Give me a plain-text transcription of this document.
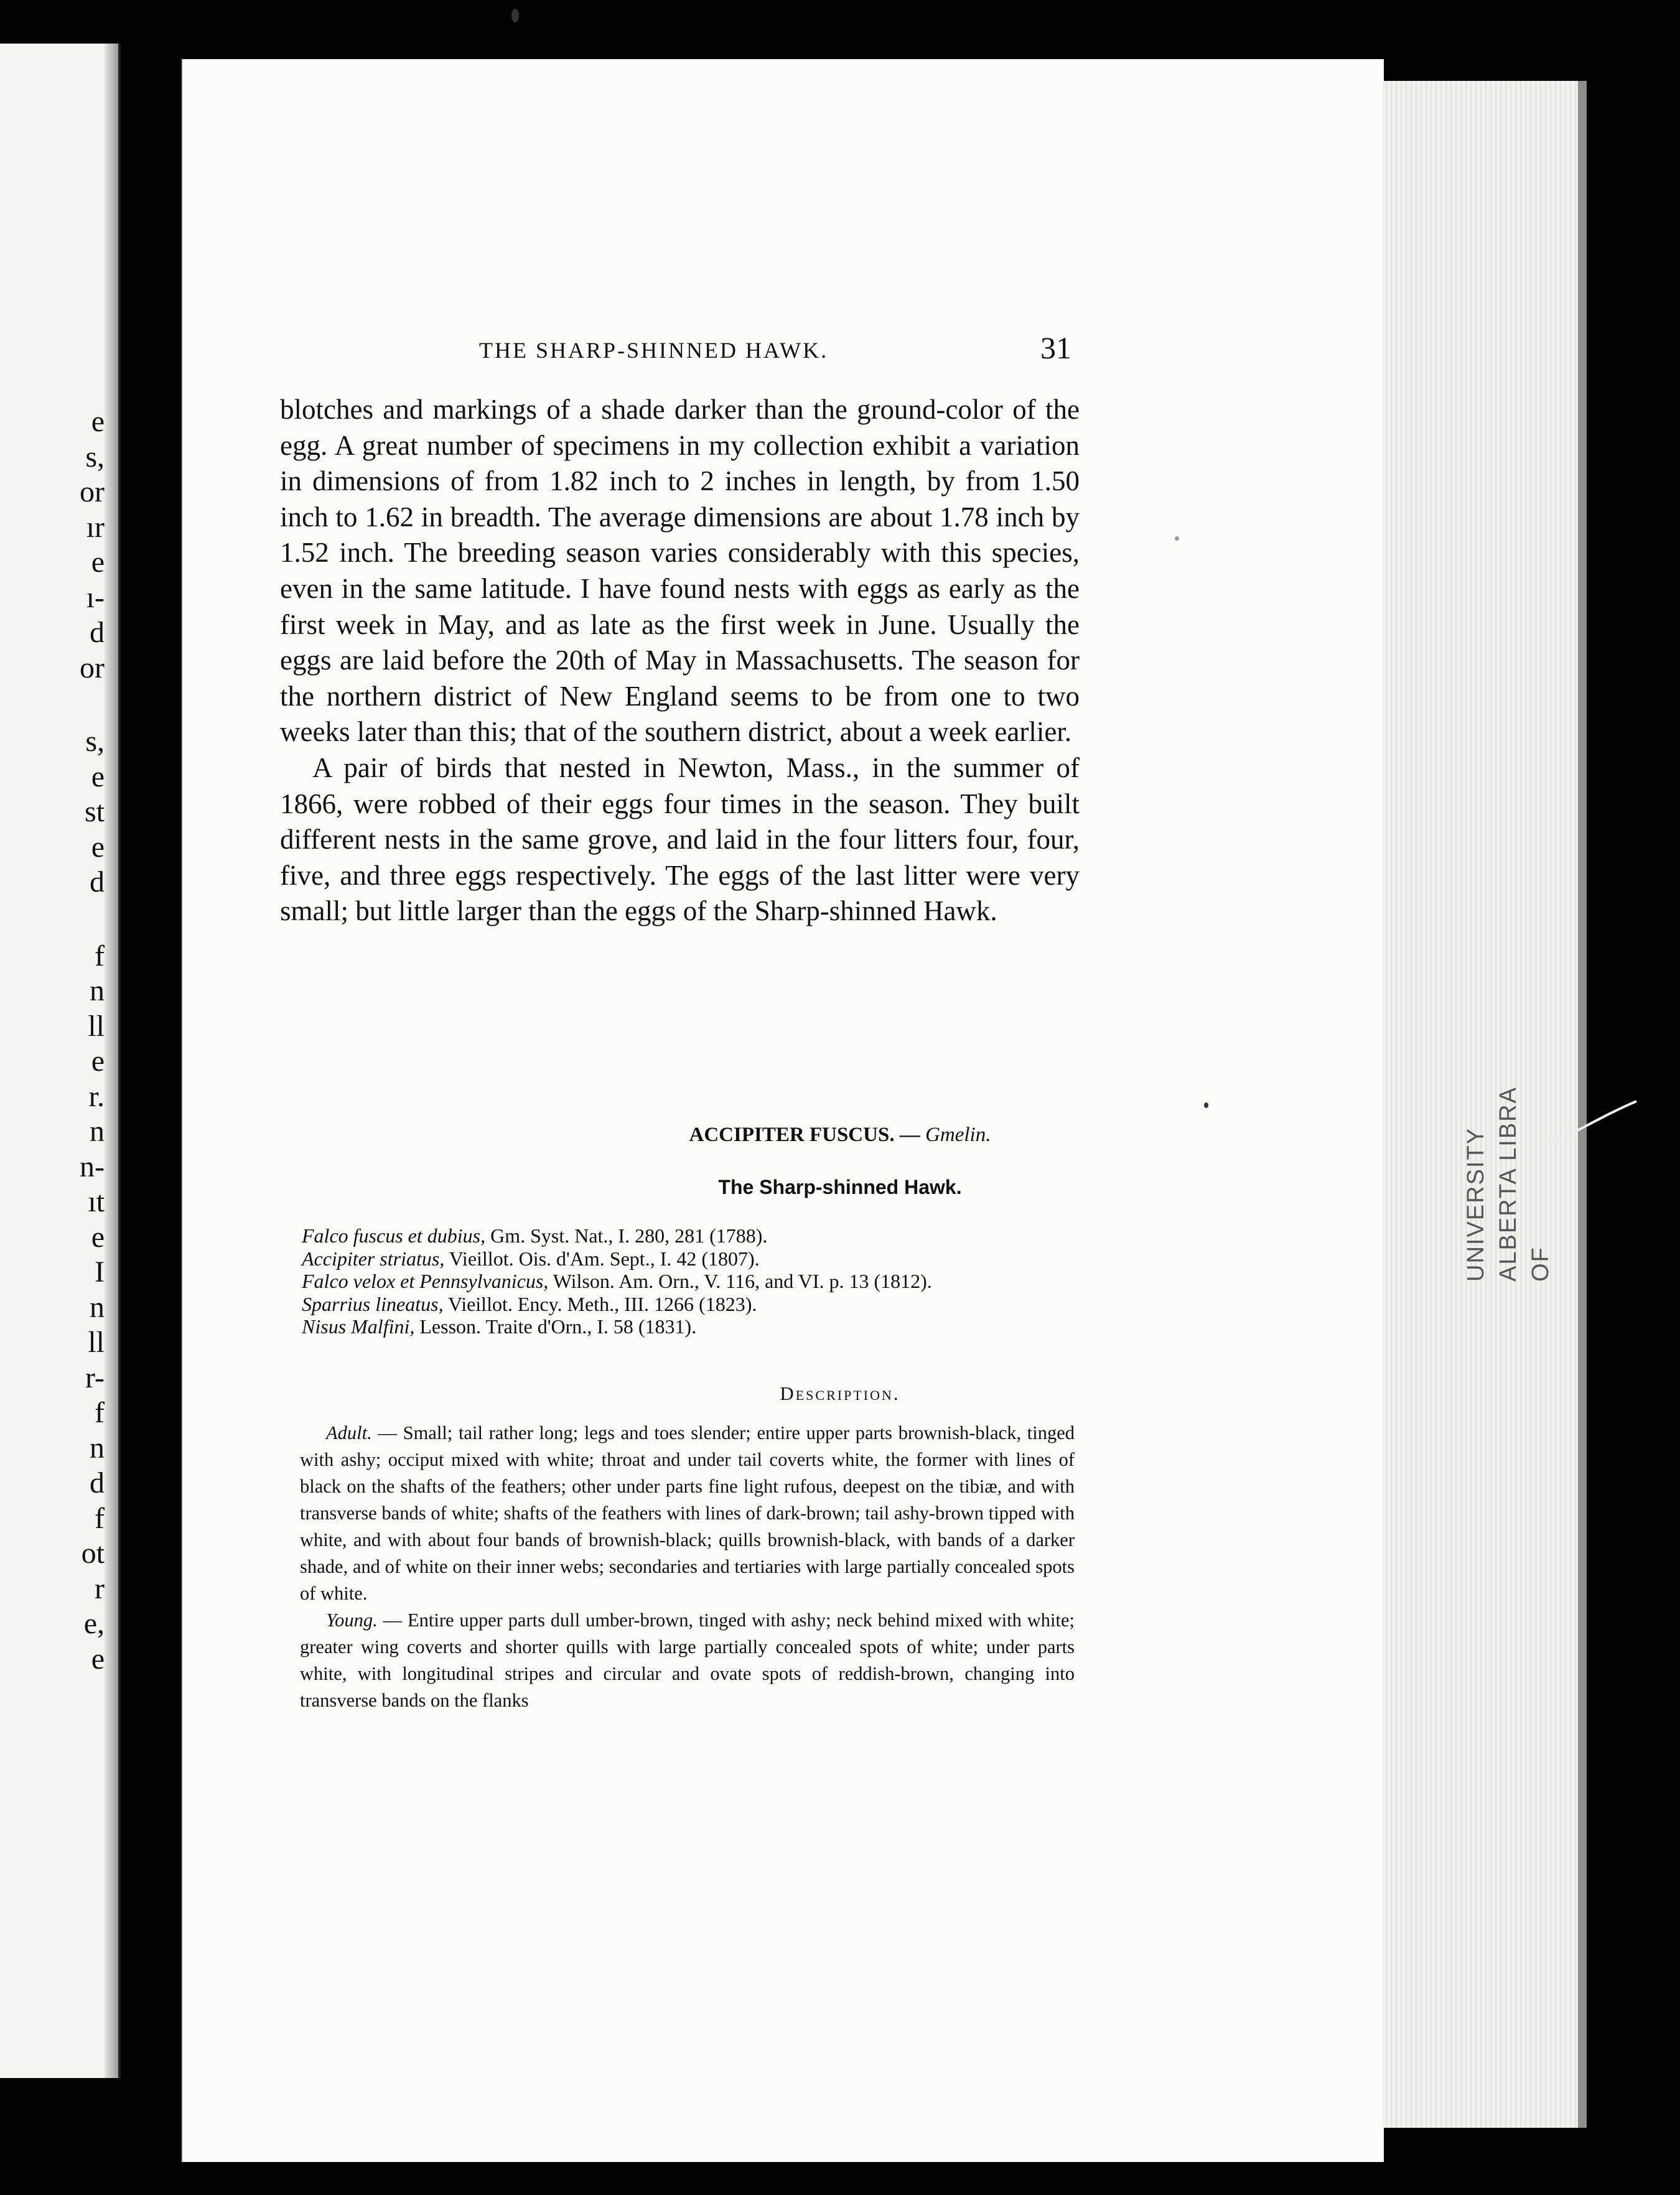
e
s,
or
ır
e
ı-
d
or
s,
e
st
e
d
f
n
ll
e
r.
n
n-
ıt
e
I
n
ll
r-
f
n
d
f
ot
r
e,
e
UNIVERSITY ALBERTA LIBRA OF
THE SHARP-SHINNED HAWK.	31

blotches and markings of a shade darker than the ground-color of the egg. A great number of specimens in my collection exhibit a variation in dimensions of from 1.82 inch to 2 inches in length, by from 1.50 inch to 1.62 in breadth. The average dimensions are about 1.78 inch by 1.52 inch. The breeding season varies considerably with this species, even in the same latitude. I have found nests with eggs as early as the first week in May, and as late as the first week in June. Usually the eggs are laid before the 20th of May in Massachusetts. The season for the northern district of New England seems to be from one to two weeks later than this; that of the southern district, about a week earlier.

A pair of birds that nested in Newton, Mass., in the summer of 1866, were robbed of their eggs four times in the season. They built different nests in the same grove, and laid in the four litters four, four, five, and three eggs respectively. The eggs of the last litter were very small; but little larger than the eggs of the Sharp-shinned Hawk.

ACCIPITER FUSCUS. — Gmelin.
The Sharp-shinned Hawk.
Falco fuscus et dubius, Gm. Syst. Nat., I. 280, 281 (1788).
Accipiter striatus, Vieillot. Ois. d'Am. Sept., I. 42 (1807).
Falco velox et Pennsylvanicus, Wilson. Am. Orn., V. 116, and VI. p. 13 (1812).
Sparrius lineatus, Vieillot. Ency. Meth., III. 1266 (1823).
Nisus Malfini, Lesson. Traite d'Orn., I. 58 (1831).
Description.

Adult. — Small; tail rather long; legs and toes slender; entire upper parts brownish-black, tinged with ashy; occiput mixed with white; throat and under tail coverts white, the former with lines of black on the shafts of the feathers; other under parts fine light rufous, deepest on the tibiæ, and with transverse bands of white; shafts of the feathers with lines of dark-brown; tail ashy-brown tipped with white, and with about four bands of brownish-black; quills brownish-black, with bands of a darker shade, and of white on their inner webs; secondaries and tertiaries with large partially concealed spots of white.

Young. — Entire upper parts dull umber-brown, tinged with ashy; neck behind mixed with white; greater wing coverts and shorter quills with large partially concealed spots of white; under parts white, with longitudinal stripes and circular and ovate spots of reddish-brown, changing into transverse bands on the flanks
